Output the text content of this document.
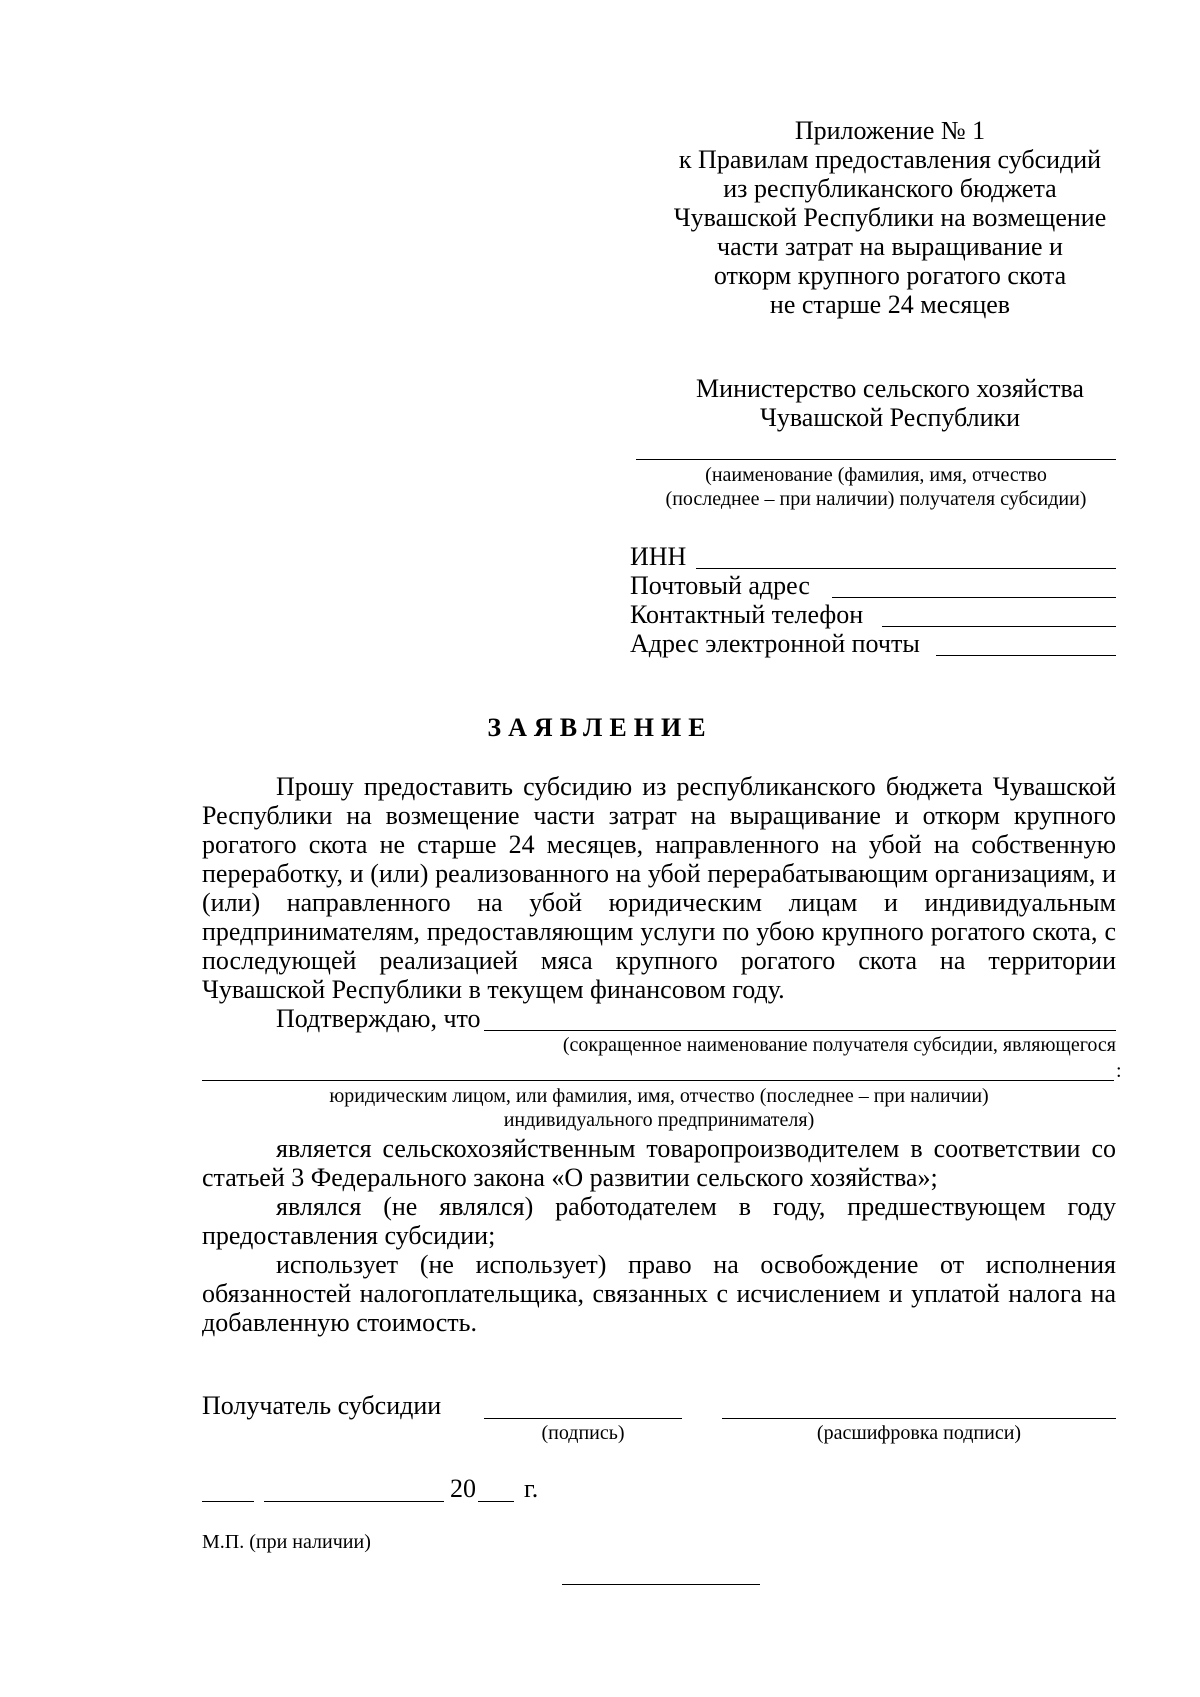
Приложение № 1
к Правилам предоставления субсидий
из республиканского бюджета
Чувашской Республики на возмещение
части затрат на выращивание и
откорм крупного рогатого скота
не старше 24 месяцев
Министерство сельского хозяйства
Чувашской Республики
(наименование (фамилия, имя, отчество
(последнее – при наличии) получателя субсидии)
ИНН
Почтовый адрес
Контактный телефон
Адрес электронной почты
ЗАЯВЛЕНИЕ
Прошу предоставить субсидию из республиканского бюджета Чувашской Республики на возмещение части затрат на выращивание и откорм крупного рогатого скота не старше 24 месяцев, направленного на убой на собственную переработку, и (или) реализованного на убой перерабатывающим организациям, и (или) направленного на убой юридическим лицам и индивидуальным предпринимателям, предоставляющим услуги по убою крупного рогатого скота, с последующей реализацией мяса крупного рогатого скота на территории Чувашской Республики в текущем финансовом году.
Подтверждаю, что
(сокращенное наименование получателя субсидии, являющегося
:
юридическим лицом, или фамилия, имя, отчество (последнее – при наличии)
индивидуального предпринимателя)
является сельскохозяйственным товаропроизводителем в соответствии со статьей 3 Федерального закона «О развитии сельского хозяйства»;
являлся (не являлся) работодателем в году, предшествующем году предоставления субсидии;
использует (не использует) право на освобождение от исполнения обязанностей налогоплательщика, связанных с исчислением и уплатой налога на добавленную стоимость.
Получатель субсидии
(подпись)	(расшифровка подписи)
20 г.
М.П. (при наличии)
